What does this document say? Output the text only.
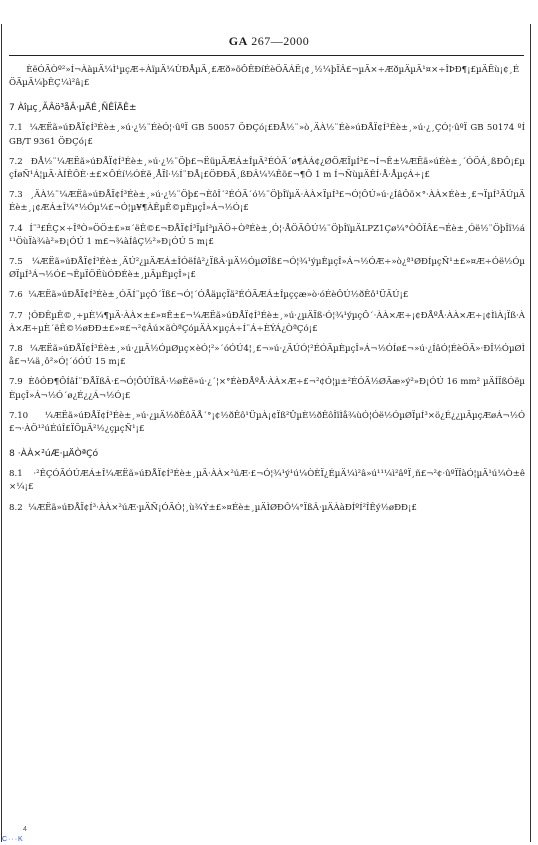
GA 267—2000

ÈëÓÃÒº²»Í¬ÀàµÄ¼Ì¹µçÆ÷ÀïµÄ¼ÙÐÅµÄ¸£Æð»õÔÊÐíÉèÖÃÁË¡¢¸½¼þÏÂ£¬µÃ×÷ÆðµÄµÄ¹¤×÷ÎÞÐ¶¡£µÄËù¡¢¸ÉÖÃµÄ¼þÊÇ¼ì²â¡£

7 Àîµç¸ÃÂö³åÂ·µÄÉ¸ÑÊÎÄÊ±

7.1 ¼ÆËã»úÐÅÏ¢Í³Éè±¸»ú·¿½¨ÉèÓ¦·ûºÏ GB 50057 ÖÐÇó¡£ÐÅ½¨»ò¸ÄÀ½¨Éè»úÐÅÏ¢Í³Éè±¸»ú·¿¸ÇÓ¦·ûºÏ GB 50174 ºÍ GB/T 9361 ÖÐÇó¡£

7.2 ÐÅ½¨¼ÆËã»úÐÅÏ¢Í³Éè±¸»ú·¿½¨Öþ£¬ËüµÄÆÁ±ÎµÄ²ÉÓÃ´ø¶ÀÁ¢¿ØÖÆÏµÍ³£¬Í¬Ê±¼ÆËã»úÉè±¸´ÓÖÁ¸ßÐÔ¡£µçÍøÑ¹Á¦µÄ·ÀÍÊÔÈ·±£×ÔÉí½ÓÈë¸ÅÏî·½Í¨ÐÅ¡£ÖÐÐÄ¸ßÐÂ¼¼Êõ£¬¶Ô 1 m Í¬ÑùµÄÊÍ·Å·ÅµçÁ÷¡£

7.3 ¸ÄÀ½¨¼ÆËã»úÐÅÏ¢Í³Éè±¸»ú·¿½¨Öþ£¬ÈôÎ´²ÉÓÃ´ó½¨ÖþÎïµÄ·ÀÀ×ÏµÍ³£¬Ó¦ÔÚ»ú·¿ÍâÔö×°·ÀÀ×Éè±¸£¬ÏµÍ³ÄÚµÄÉè±¸¡¢ÆÁ±Î¼°½Óµ¼£¬Ó¦µ¥¶ÀÊµÊ©µÈµçÎ»Á¬½Ó¡£

7.4 Í¨³£ÊÇ×÷ÎªÒ»ÖÖ±£»¤´ëÊ©£¬ÐÅÏ¢Í³ÏµÍ³µÄÖ÷ÒªÉè±¸Ó¦·ÅÖÃÔÚ½¨ÖþÎïµÄLPZ1Çø¼°ÒÔÏÂ£¬Éè±¸Óë½¨ÖþÎï½á¹¹ÖùÏà¾à²»Ð¡ÓÚ 1 m£¬¾àÍâÇ½²»Ð¡ÓÚ 5 m¡£

7.5 ¼ÆËã»úÐÅÏ¢Í³Éè±¸ÄÚ²¿µÄÆÁ±ÎÓëÍâ²¿ÏßÂ·µÄ½ÓµØÏß£¬Ó¦¾¹ýµÈµçÎ»Á¬½ÓÆ÷»ò¿ª¹ØÐÍµçÑ¹±£»¤Æ÷Óë½ÓµØÏµÍ³Á¬½Ó£¬ÊµÏÖËùÓÐÉè±¸µÄµÈµçÎ»¡£

7.6 ¼ÆËã»úÐÅÏ¢Í³Éè±¸ÓÃÍ¨µçÔ´Ïß£¬Ó¦´ÓÅäµçÏä²ÉÓÃÆÁ±Îµççæ»ò·óÉèÔÚ½ðÊô¹ÜÄÚ¡£

7.7 ¦ÓÐÊµÊ©¸÷µÈ¼¶µÄ·ÀÀ×±£»¤Ê±£¬¼ÆËã»úÐÅÏ¢Í³Éè±¸»ú·¿µÄÏß·Ó¦¾¹ýµçÔ´·ÀÀ×Æ÷¡¢ÐÅºÅ·ÀÀ×Æ÷¡¢ÌìÀ¡Ïß·ÀÀ×Æ÷µÈ´ëÊ©½øÐÐ±£»¤£¬²¢Âú×ãÒªÇóµÄÀ×µçÁ÷Í¨Á÷ÈÝÁ¿ÒªÇó¡£

7.8 ¼ÆËã»úÐÅÏ¢Í³Éè±¸»ú·¿µÄ½ÓµØµç×èÓ¦²»´óÓÚ4¦¸£¬»ú·¿ÄÚÓ¦²ÉÓÃµÈµçÎ»Á¬½ÓÍø£¬»ú·¿ÍâÓ¦ÉèÖÃ»·ÐÎ½ÓµØÌå£¬¼ä¸ô²»Ó¦´óÓÚ 15 m¡£

7.9 ÈôÓÐ¶ÔÍâÍ¨ÐÅÏßÂ·£¬Ó¦ÔÚÏßÂ·½øÈë»ú·¿´¦×°ÉèÐÅºÅ·ÀÀ×Æ÷£¬²¢Ó¦µ±²ÉÓÃ½ØÃæ»ý²»Ð¡ÓÚ 16 mm² µÄÍÏßÓëµÈµçÎ»Á¬½Ó´ø¿É¿¿Á¬½Ó¡£

7.10 ¼ÆËã»úÐÅÏ¢Í³Éè±¸»ú·¿µÄ½ðÊôÃÅ´°¡¢½ðÊô¹ÜµÀ¡¢Ïß²ÛµÈ½ðÊôÎïÌå¾ùÓ¦Óë½ÓµØÏµÍ³×ö¿É¿¿µÄµçÆøÁ¬½Ó£¬·ÀÖ¹²úÉúÎ£ÏÕµÄ²½¿çµçÑ¹¡£

8 ·ÀÀ×²úÆ·µÄÒªÇó

8.1 ·²ÊÇÓÃÓÚÆÁ±Î¼ÆËã»úÐÅÏ¢Í³Éè±¸µÄ·ÀÀ×²úÆ·£¬Ó¦¾¹ý¹ú¼ÒÈÏ¿ÉµÄ¼ì²â»ú¹¹¼ì²âºÏ¸ñ£¬²¢·ûºÏÏàÓ¦µÄ¹ú¼Ò±ê×¼¡£

8.2 ¼ÆËã»úÐÅÏ¢Í³·ÀÀ×²úÆ·µÄÑ¡ÓÃÓ¦¸ù¾Ý±£»¤Éè±¸µÄÌØÐÔ¼°ÏßÂ·µÄÀàÐÍºÍ²ÎÊý½øÐÐ¡£

4
C···K
